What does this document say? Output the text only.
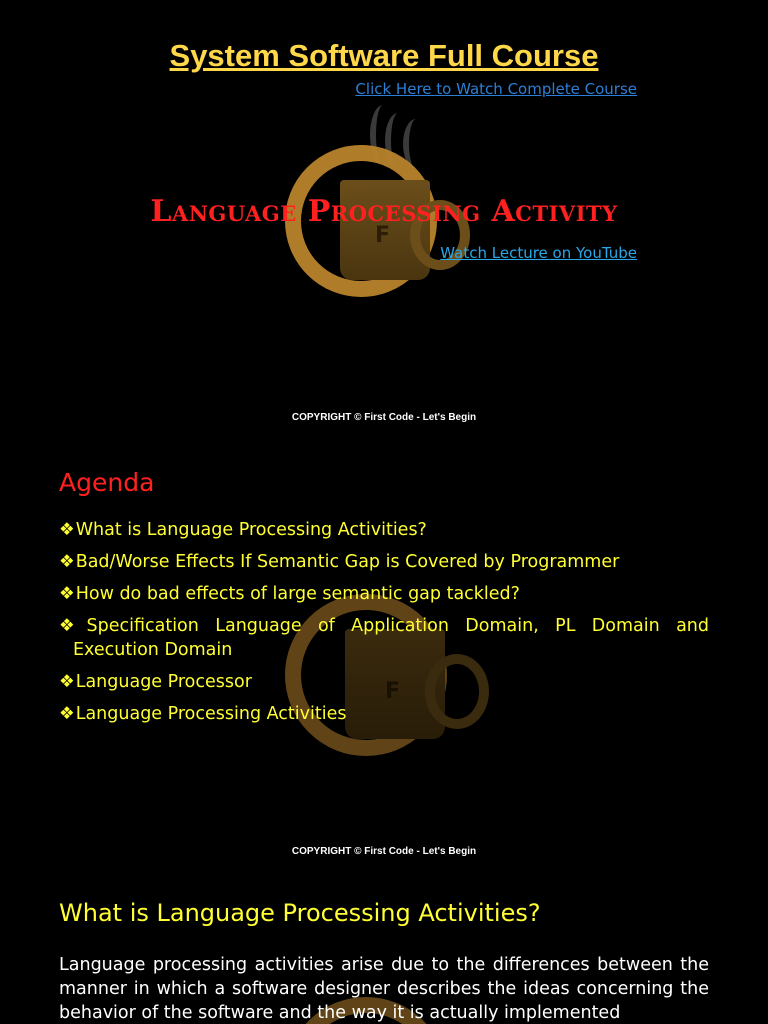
F
System Software Full Course
Click Here to Watch Complete Course
Language Processing Activity
Watch Lecture on YouTube
COPYRIGHT © First Code - Let's Begin
F
Agenda
❖What is Language Processing Activities?
❖Bad/Worse Effects If Semantic Gap is Covered by Programmer
❖How do bad effects of large semantic gap tackled?
❖Specification Language of Application Domain, PL Domain and Execution Domain
❖Language Processor
❖Language Processing Activities
COPYRIGHT © First Code - Let's Begin
What is Language Processing Activities?

Language processing activities arise due to the differences between the manner in which a software designer describes the ideas concerning the behavior of the software and the way it is actually implemented
